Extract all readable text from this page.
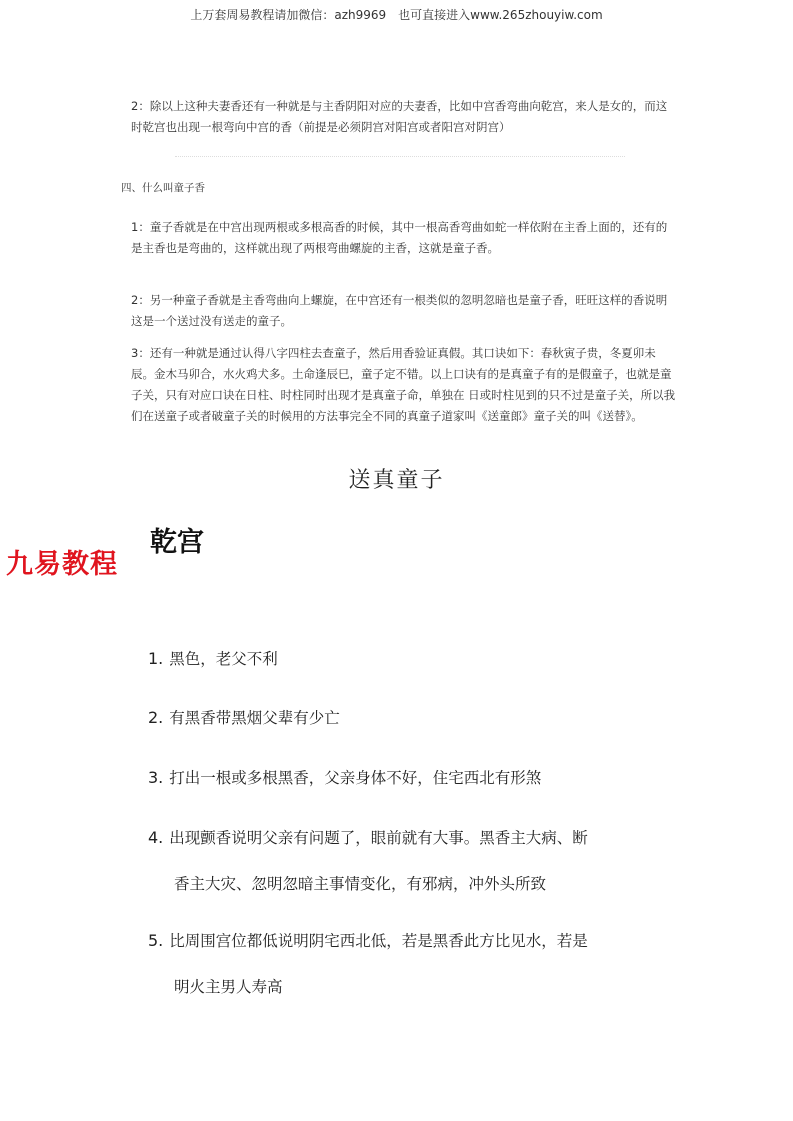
上万套周易教程请加微信：azh9969　也可直接进入www.265zhouyiw.com
2：除以上这种夫妻香还有一种就是与主香阴阳对应的夫妻香，比如中宫香弯曲向乾宫，来人是女的，而这时乾宫也出现一根弯向中宫的香（前提是必须阴宫对阳宫或者阳宫对阴宫）
四、什么叫童子香
1：童子香就是在中宫出现两根或多根高香的时候，其中一根高香弯曲如蛇一样依附在主香上面的，还有的是主香也是弯曲的，这样就出现了两根弯曲螺旋的主香，这就是童子香。
2：另一种童子香就是主香弯曲向上螺旋，在中宫还有一根类似的忽明忽暗也是童子香，旺旺这样的香说明这是一个送过没有送走的童子。
3：还有一种就是通过认得八字四柱去查童子，然后用香验证真假。其口诀如下：春秋寅子贵，冬夏卯未辰。金木马卯合，水火鸡犬多。土命逢辰巳，童子定不错。以上口诀有的是真童子有的是假童子，也就是童子关，只有对应口诀在日柱、时柱同时出现才是真童子命，单独在 日或时柱见到的只不过是童子关，所以我们在送童子或者破童子关的时候用的方法事完全不同的真童子道家叫《送童郎》童子关的叫《送替》。
送真童子
九易教程
乾宫
1. 黑色，老父不利
2. 有黑香带黑烟父辈有少亡
3. 打出一根或多根黑香，父亲身体不好，住宅西北有形煞
4. 出现颤香说明父亲有问题了，眼前就有大事。黑香主大病、断
香主大灾、忽明忽暗主事情变化，有邪病，冲外头所致
5. 比周围宫位都低说明阴宅西北低，若是黑香此方比见水，若是
明火主男人寿高
